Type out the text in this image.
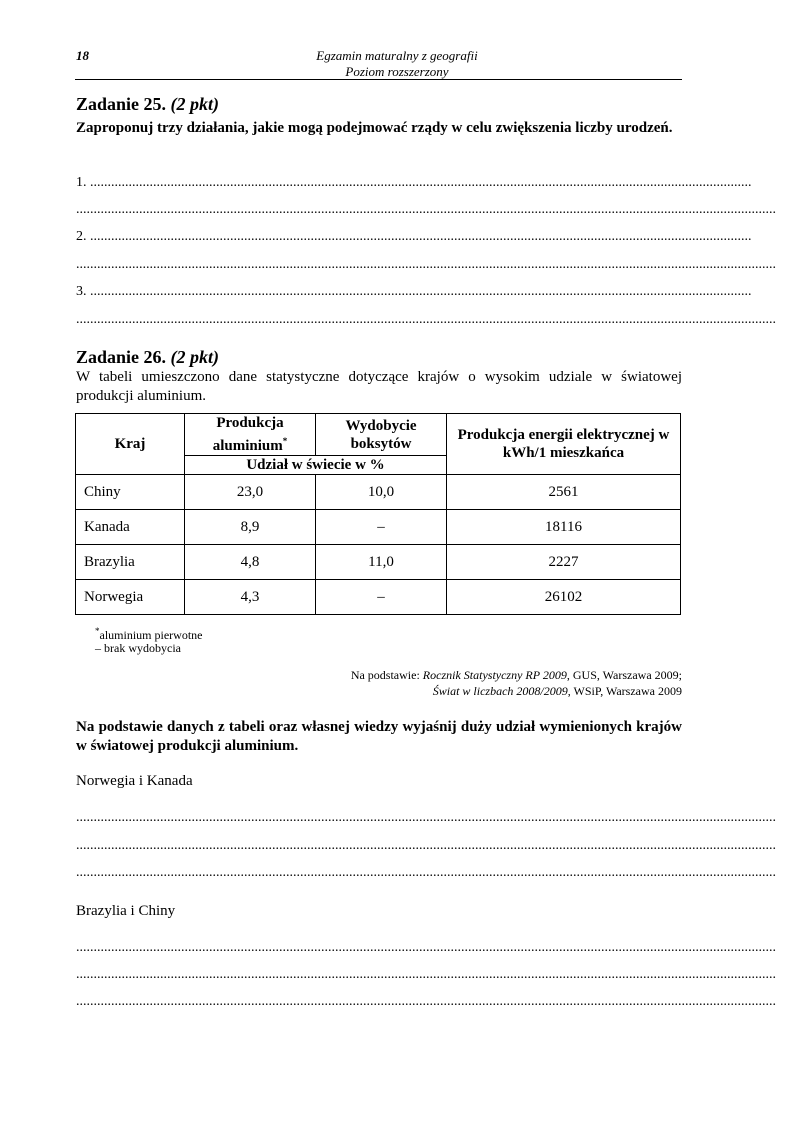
18	Egzamin maturalny z geografii
Poziom rozszerzony
Zadanie 25. (2 pkt)
Zaproponuj trzy działania, jakie mogą podejmować rządy w celu zwiększenia liczby urodzeń.
1. .............................................................................................................................................................................................
........................................................................................................................................................................................................
2. .............................................................................................................................................................................................
........................................................................................................................................................................................................
3. .............................................................................................................................................................................................
........................................................................................................................................................................................................
Zadanie 26. (2 pkt)
W tabeli umieszczono dane statystyczne dotyczące krajów o wysokim udziale w światowej produkcji aluminium.
Kraj	Produkcja aluminium*	Wydobycie boksytów	Produkcja energii elektrycznej w kWh/1 mieszkańca
	Udział w świecie w %		
Chiny	23,0	10,0	2561
Kanada	8,9	–	18116
Brazylia	4,8	11,0	2227
Norwegia	4,3	–	26102
*aluminium pierwotne
– brak wydobycia
Na podstawie: Rocznik Statystyczny RP 2009, GUS, Warszawa 2009;
Świat w liczbach 2008/2009, WSiP, Warszawa 2009
Na podstawie danych z tabeli oraz własnej wiedzy wyjaśnij duży udział wymienionych krajów w światowej produkcji aluminium.
Norwegia i Kanada
........................................................................................................................................................................................................
........................................................................................................................................................................................................
........................................................................................................................................................................................................
Brazylia i Chiny
........................................................................................................................................................................................................
........................................................................................................................................................................................................
........................................................................................................................................................................................................
